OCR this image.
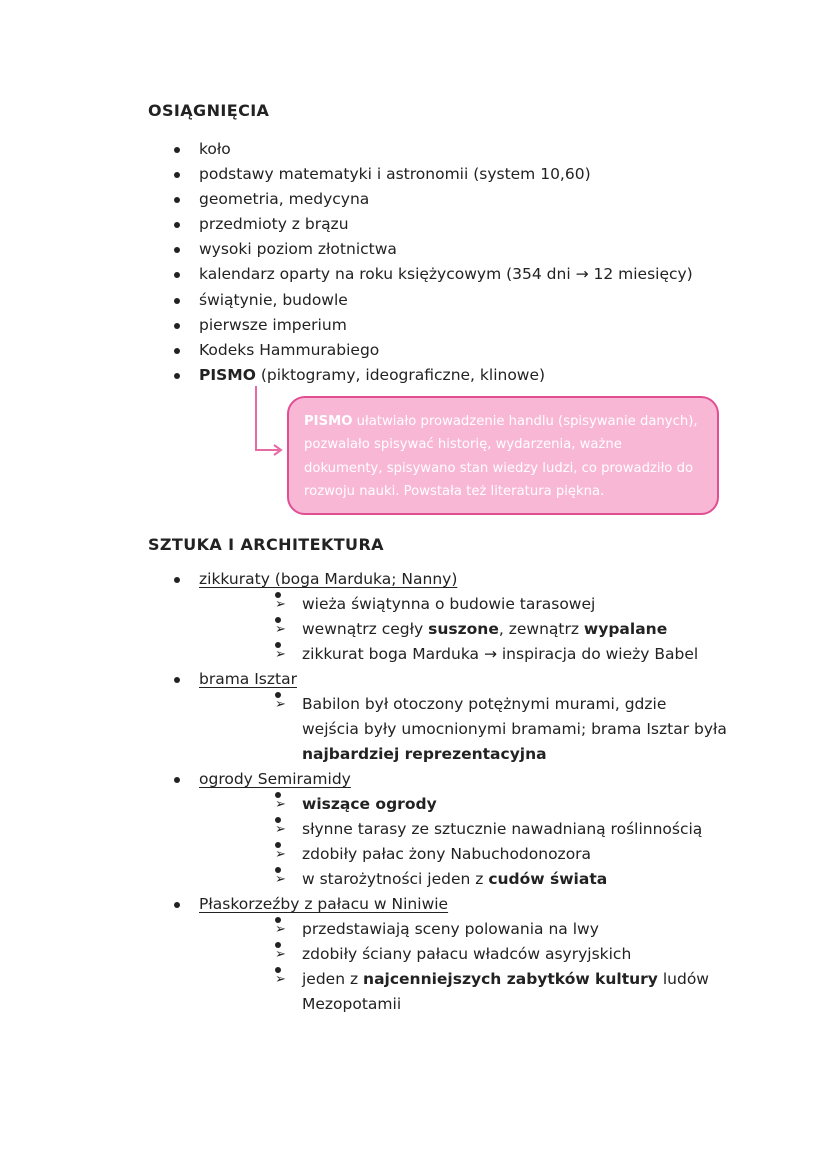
OSIĄGNIĘCIA
koło
podstawy matematyki i astronomii (system 10,60)
geometria, medycyna
przedmioty z brązu
wysoki poziom złotnictwa
kalendarz oparty na roku księżycowym (354 dni → 12 miesięcy)
świątynie, budowle
pierwsze imperium
Kodeks Hammurabiego
PISMO (piktogramy, ideograficzne, klinowe)

PISMO ułatwiało prowadzenie handlu (spisywanie danych), pozwalało spisywać historię, wydarzenia, ważne dokumenty, spisywano stan wiedzy ludzi, co prowadziło do rozwoju nauki. Powstała też literatura piękna.

SZTUKA I ARCHITEKTURA
zikkuraty (boga Marduka; Nanny)
➢ wieża świątynna o budowie tarasowej
➢ wewnątrz cegły suszone, zewnątrz wypalane
➢ zikkurat boga Marduka → inspiracja do wieży Babel
brama Isztar
➢ Babilon był otoczony potężnymi murami, gdzie wejścia były umocnionymi bramami; brama Isztar była najbardziej reprezentacyjna
ogrody Semiramidy
➢ wiszące ogrody
➢ słynne tarasy ze sztucznie nawadnianą roślinnością
➢ zdobiły pałac żony Nabuchodonozora
➢ w starożytności jeden z cudów świata
Płaskorzeźby z pałacu w Niniwie
➢ przedstawiają sceny polowania na lwy
➢ zdobiły ściany pałacu władców asyryjskich
➢ jeden z najcenniejszych zabytków kultury ludów Mezopotamii
